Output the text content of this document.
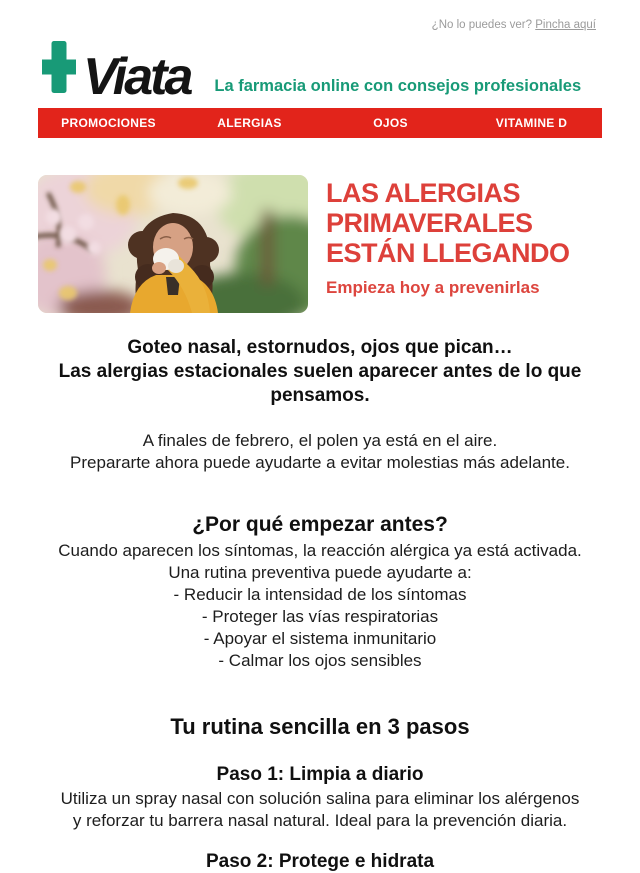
¿No lo puedes ver? Pincha aquí
Viata	La farmacia online con consejos profesionales
PROMOCIONES	ALERGIAS	OJOS	VITAMINE D
LAS ALERGIAS
PRIMAVERALES
ESTÁN LLEGANDO
Empieza hoy a prevenirlas
Goteo nasal, estornudos, ojos que pican…
Las alergias estacionales suelen aparecer antes de lo que pensamos.
A finales de febrero, el polen ya está en el aire.
Prepararte ahora puede ayudarte a evitar molestias más adelante.
¿Por qué empezar antes?
Cuando aparecen los síntomas, la reacción alérgica ya está activada.
Una rutina preventiva puede ayudarte a:
- Reducir la intensidad de los síntomas
- Proteger las vías respiratorias
- Apoyar el sistema inmunitario
- Calmar los ojos sensibles
Tu rutina sencilla en 3 pasos
Paso 1: Limpia a diario
Utiliza un spray nasal con solución salina para eliminar los alérgenos
y reforzar tu barrera nasal natural. Ideal para la prevención diaria.
Paso 2: Protege e hidrata
